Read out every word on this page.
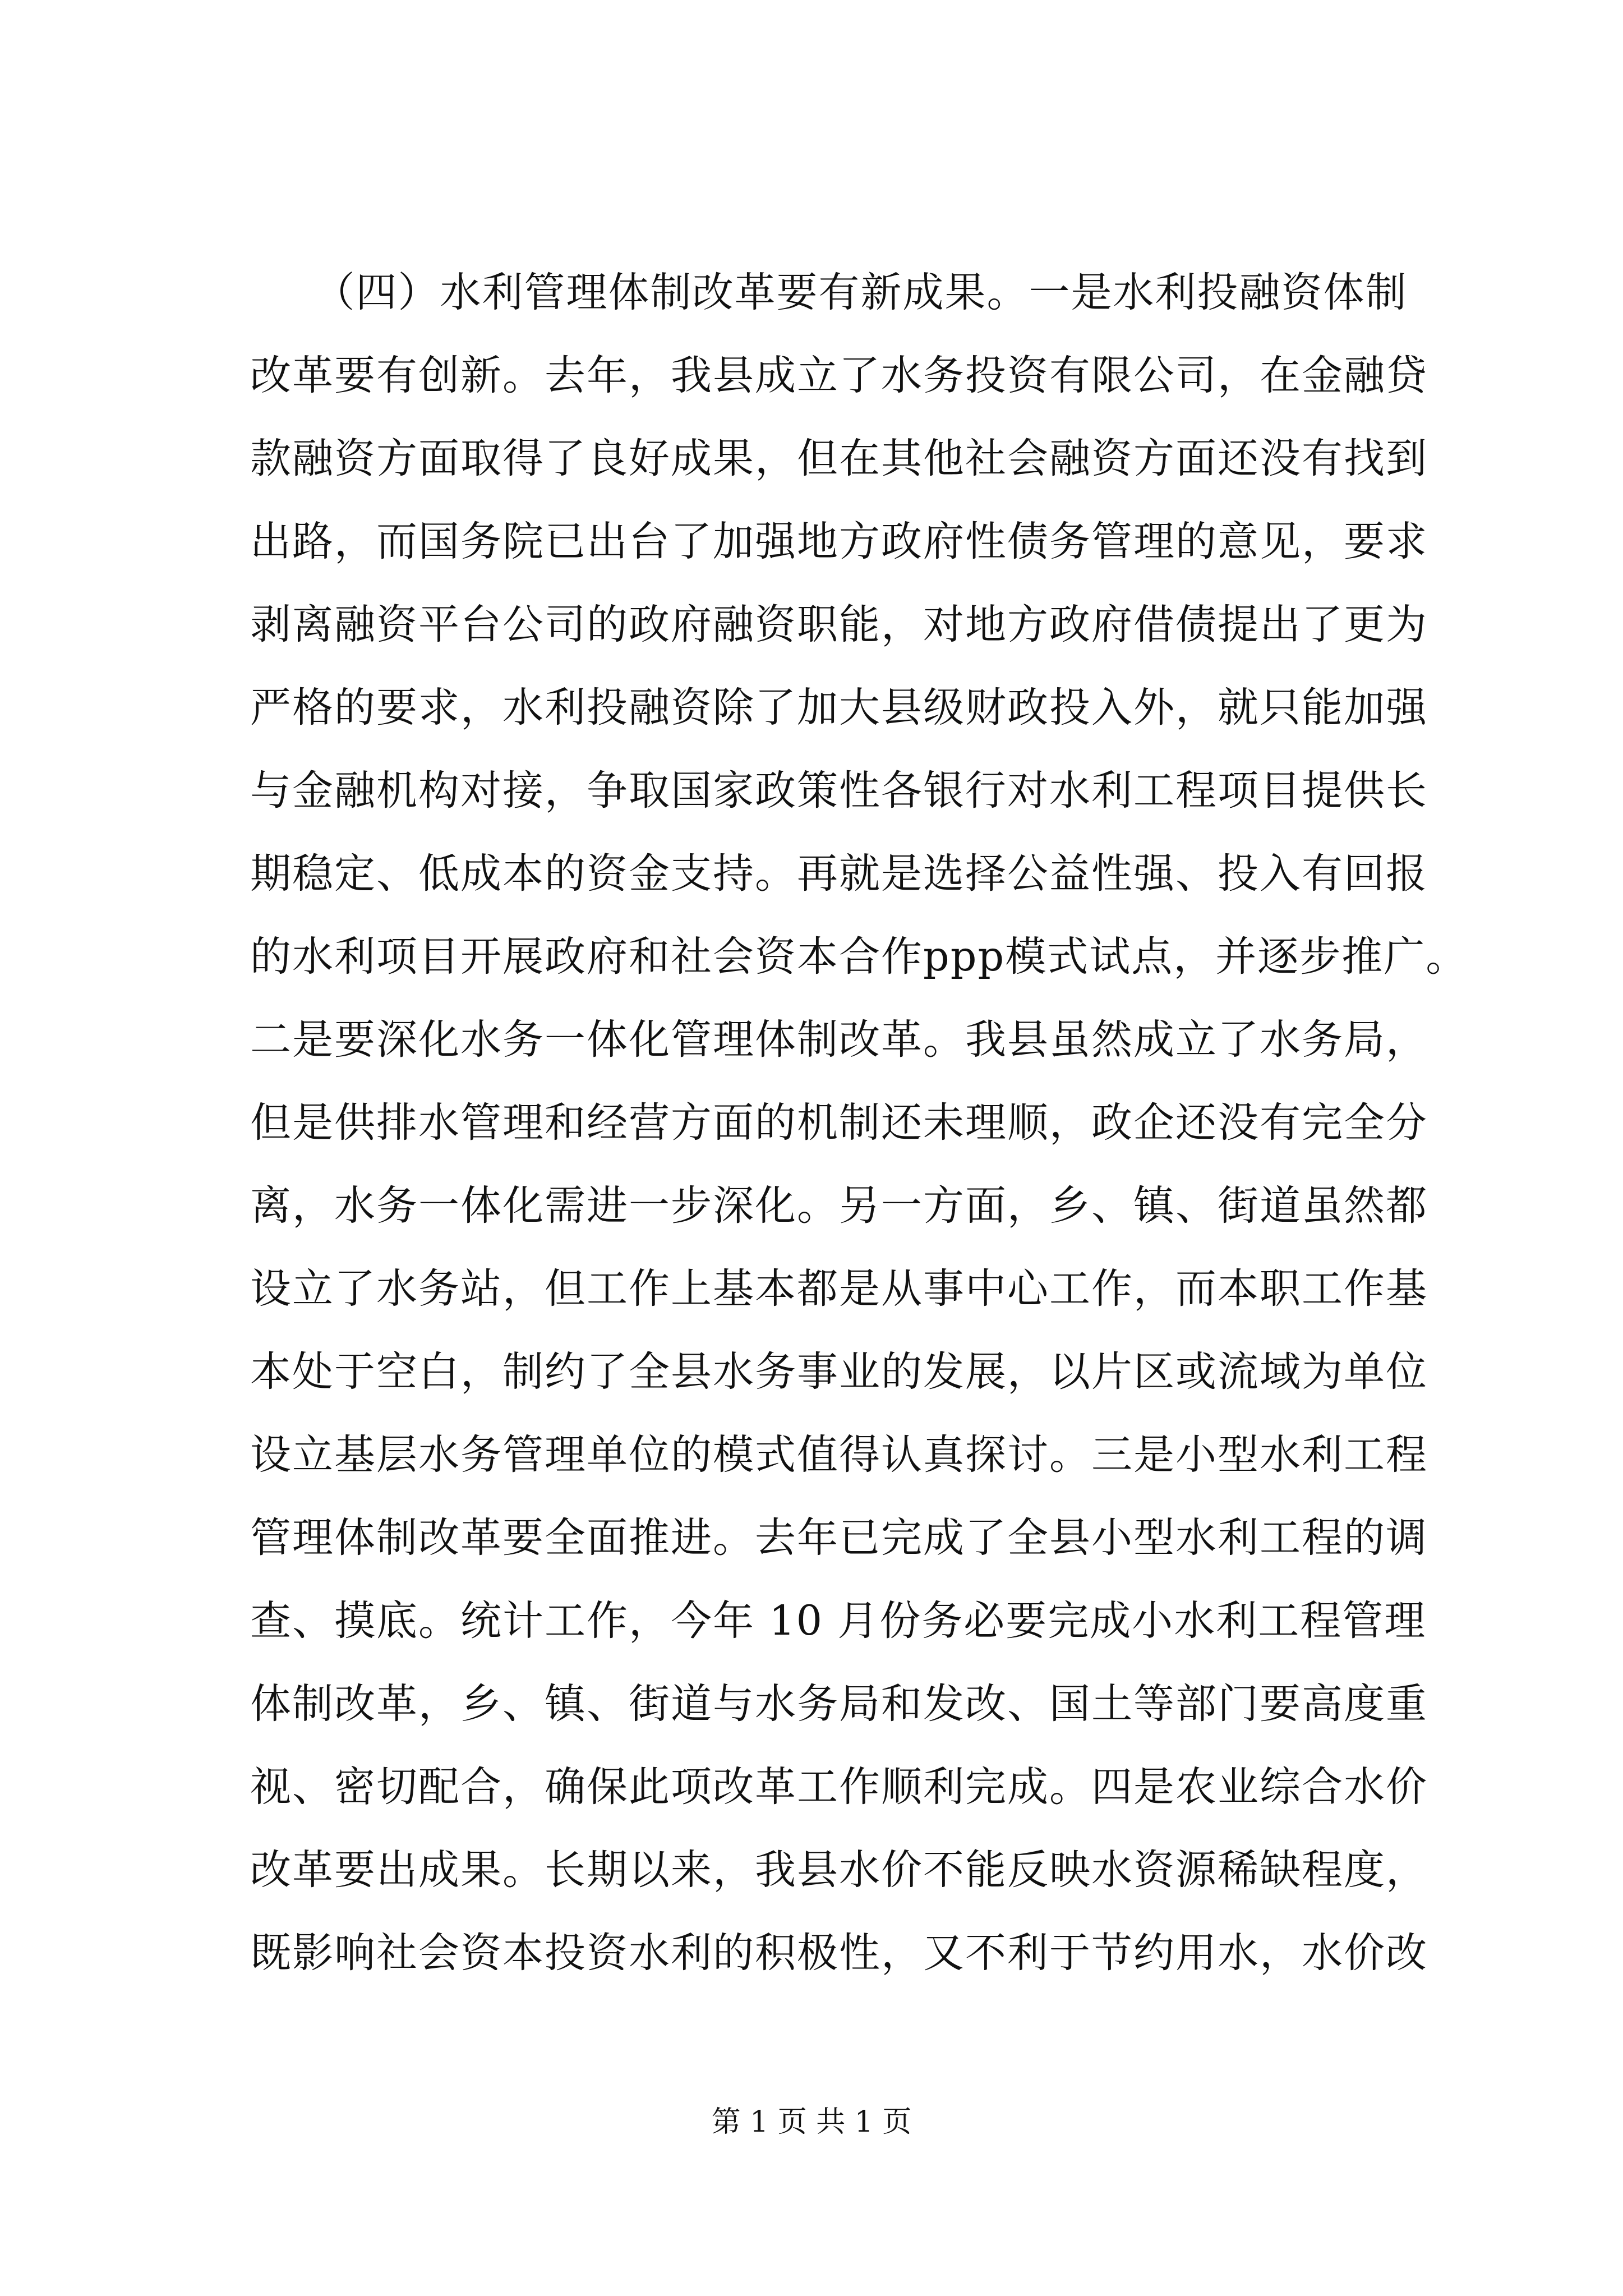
　　（四）水利管理体制改革要有新成果。一是水利投融资体制
改革要有创新。去年，我县成立了水务投资有限公司，在金融贷
款融资方面取得了良好成果，但在其他社会融资方面还没有找到
出路，而国务院已出台了加强地方政府性债务管理的意见，要求
剥离融资平台公司的政府融资职能，对地方政府借债提出了更为
严格的要求，水利投融资除了加大县级财政投入外，就只能加强
与金融机构对接，争取国家政策性各银行对水利工程项目提供长
期稳定、低成本的资金支持。再就是选择公益性强、投入有回报
的水利项目开展政府和社会资本合作ppp模式试点，并逐步推广。
二是要深化水务一体化管理体制改革。我县虽然成立了水务局，
但是供排水管理和经营方面的机制还未理顺，政企还没有完全分
离，水务一体化需进一步深化。另一方面，乡、镇、街道虽然都
设立了水务站，但工作上基本都是从事中心工作，而本职工作基
本处于空白，制约了全县水务事业的发展，以片区或流域为单位
设立基层水务管理单位的模式值得认真探讨。三是小型水利工程
管理体制改革要全面推进。去年已完成了全县小型水利工程的调
查、摸底。统计工作，今年 10 月份务必要完成小水利工程管理
体制改革，乡、镇、街道与水务局和发改、国土等部门要高度重
视、密切配合，确保此项改革工作顺利完成。四是农业综合水价
改革要出成果。长期以来，我县水价不能反映水资源稀缺程度，
既影响社会资本投资水利的积极性，又不利于节约用水，水价改
第 1 页 共 1 页
